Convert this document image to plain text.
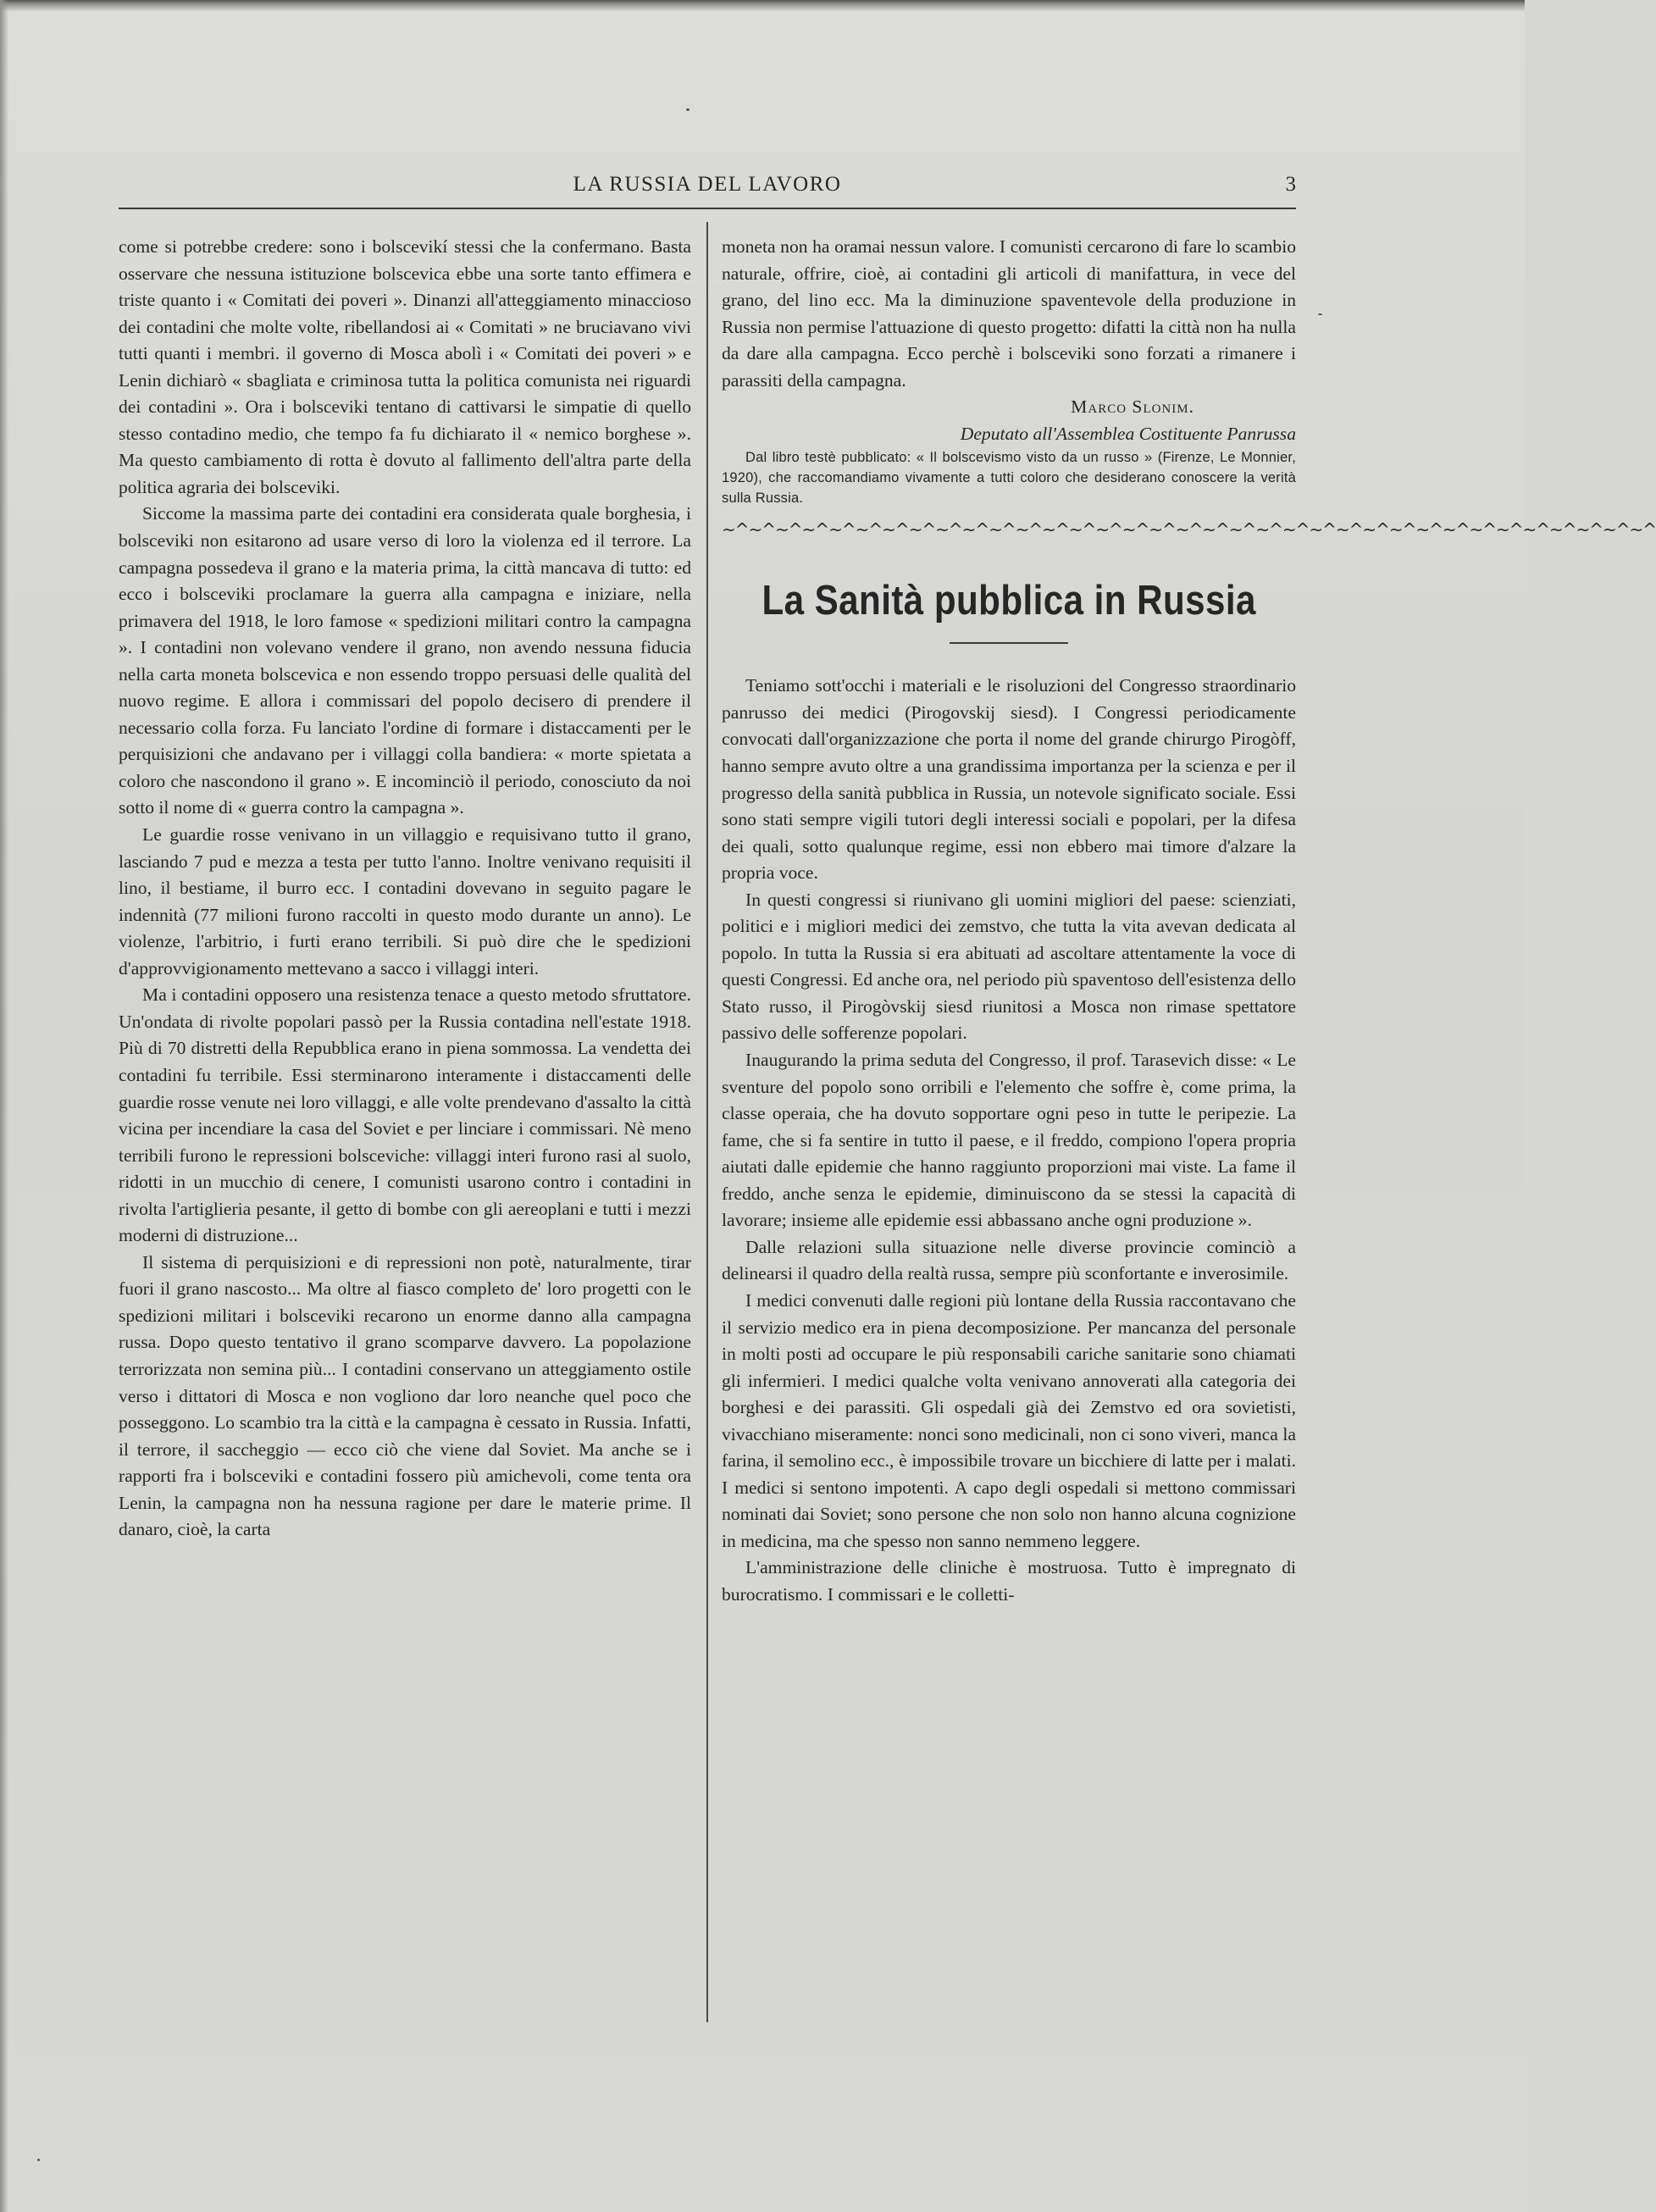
LA RUSSIA DEL LAVORO	3

come si potrebbe credere: sono i bolscevikí stessi che la confermano. Basta osservare che nessuna istituzione bolscevica ebbe una sorte tanto effimera e triste quanto i « Comitati dei poveri ». Dinanzi all'atteggiamento minaccioso dei contadini che molte volte, ribellandosi ai « Comitati » ne bruciavano vivi tutti quanti i membri. il governo di Mosca abolì i « Comitati dei poveri » e Lenin dichiarò « sbagliata e criminosa tutta la politica comunista nei riguardi dei contadini ». Ora i bolsceviki tentano di cattivarsi le simpatie di quello stesso contadino medio, che tempo fa fu dichiarato il « nemico borghese ». Ma questo cambiamento di rotta è dovuto al fallimento dell'altra parte della politica agraria dei bolsceviki.

Siccome la massima parte dei contadini era considerata quale borghesia, i bolsceviki non esitarono ad usare verso di loro la violenza ed il terrore. La campagna possedeva il grano e la materia prima, la città mancava di tutto: ed ecco i bolsceviki proclamare la guerra alla campagna e iniziare, nella primavera del 1918, le loro famose « spedizioni militari contro la campagna ». I contadini non volevano vendere il grano, non avendo nessuna fiducia nella carta moneta bolscevica e non essendo troppo persuasi delle qualità del nuovo regime. E allora i commissari del popolo decisero di prendere il necessario colla forza. Fu lanciato l'ordine di formare i distaccamenti per le perquisizioni che andavano per i villaggi colla bandiera: « morte spietata a coloro che nascondono il grano ». E incominciò il periodo, conosciuto da noi sotto il nome di « guerra contro la campagna ».

Le guardie rosse venivano in un villaggio e requisivano tutto il grano, lasciando 7 pud e mezza a testa per tutto l'anno. Inoltre venivano requisiti il lino, il bestiame, il burro ecc. I contadini dovevano in seguito pagare le indennità (77 milioni furono raccolti in questo modo durante un anno). Le violenze, l'arbitrio, i furti erano terribili. Si può dire che le spedizioni d'approvvigionamento mettevano a sacco i villaggi interi.

Ma i contadini opposero una resistenza tenace a questo metodo sfruttatore. Un'ondata di rivolte popolari passò per la Russia contadina nell'estate 1918. Più di 70 distretti della Repubblica erano in piena sommossa. La vendetta dei contadini fu terribile. Essi sterminarono interamente i distaccamenti delle guardie rosse venute nei loro villaggi, e alle volte prendevano d'assalto la città vicina per incendiare la casa del Soviet e per linciare i commissari. Nè meno terribili furono le repressioni bolsceviche: villaggi interi furono rasi al suolo, ridotti in un mucchio di cenere, I comunisti usarono contro i contadini in rivolta l'artiglieria pesante, il getto di bombe con gli aereoplani e tutti i mezzi moderni di distruzione...

Il sistema di perquisizioni e di repressioni non potè, naturalmente, tirar fuori il grano nascosto... Ma oltre al fiasco completo de' loro progetti con le spedizioni militari i bolsceviki recarono un enorme danno alla campagna russa. Dopo questo tentativo il grano scomparve davvero. La popolazione terrorizzata non semina più... I contadini conservano un atteggiamento ostile verso i dittatori di Mosca e non vogliono dar loro neanche quel poco che posseggono. Lo scambio tra la città e la campagna è cessato in Russia. Infatti, il terrore, il saccheggio — ecco ciò che viene dal Soviet. Ma anche se i rapporti fra i bolsceviki e contadini fossero più amichevoli, come tenta ora Lenin, la campagna non ha nessuna ragione per dare le materie prime. Il danaro, cioè, la carta

moneta non ha oramai nessun valore. I comunisti cercarono di fare lo scambio naturale, offrire, cioè, ai contadini gli articoli di manifattura, in vece del grano, del lino ecc. Ma la diminuzione spaventevole della produzione in Russia non permise l'attuazione di questo progetto: difatti la città non ha nulla da dare alla campagna. Ecco perchè i bolsceviki sono forzati a rimanere i parassiti della campagna.

Marco Slonim.

Deputato all'Assemblea Costituente Panrussa

Dal libro testè pubblicato: « Il bolscevismo visto da un russo » (Firenze, Le Monnier, 1920), che raccomandiamo vivamente a tutti coloro che desiderano conoscere la verità sulla Russia.

~^~^~^~^~^~^~^~^~^~^~^~^~^~^~^~^~^~^~^~^~^~^~^~^~^~^~^~^~^~^~^~^~^~^~^
La Sanità pubblica in Russia

Teniamo sott'occhi i materiali e le risoluzioni del Congresso straordinario panrusso dei medici (Pirogovskij siesd). I Congressi periodicamente convocati dall'organizzazione che porta il nome del grande chirurgo Pirogòff, hanno sempre avuto oltre a una grandissima importanza per la scienza e per il progresso della sanità pubblica in Russia, un notevole significato sociale. Essi sono stati sempre vigili tutori degli interessi sociali e popolari, per la difesa dei quali, sotto qualunque regime, essi non ebbero mai timore d'alzare la propria voce.

In questi congressi si riunivano gli uomini migliori del paese: scienziati, politici e i migliori medici dei zemstvo, che tutta la vita avevan dedicata al popolo. In tutta la Russia si era abituati ad ascoltare attentamente la voce di questi Congressi. Ed anche ora, nel periodo più spaventoso dell'esistenza dello Stato russo, il Pirogòvskij siesd riunitosi a Mosca non rimase spettatore passivo delle sofferenze popolari.

Inaugurando la prima seduta del Congresso, il prof. Tarasevich disse: « Le sventure del popolo sono orribili e l'elemento che soffre è, come prima, la classe operaia, che ha dovuto sopportare ogni peso in tutte le peripezie. La fame, che si fa sentire in tutto il paese, e il freddo, compiono l'opera propria aiutati dalle epidemie che hanno raggiunto proporzioni mai viste. La fame il freddo, anche senza le epidemie, diminuiscono da se stessi la capacità di lavorare; insieme alle epidemie essi abbassano anche ogni produzione ».

Dalle relazioni sulla situazione nelle diverse provincie cominciò a delinearsi il quadro della realtà russa, sempre più sconfortante e inverosimile.

I medici convenuti dalle regioni più lontane della Russia raccontavano che il servizio medico era in piena decomposizione. Per mancanza del personale in molti posti ad occupare le più responsabili cariche sanitarie sono chiamati gli infermieri. I medici qualche volta venivano annoverati alla categoria dei borghesi e dei parassiti. Gli ospedali già dei Zemstvo ed ora sovietisti, vivacchiano miseramente: nonci sono medicinali, non ci sono viveri, manca la farina, il semolino ecc., è impossibile trovare un bicchiere di latte per i malati. I medici si sentono impotenti. A capo degli ospedali si mettono commissari nominati dai Soviet; sono persone che non solo non hanno alcuna cognizione in medicina, ma che spesso non sanno nemmeno leggere.

L'amministrazione delle cliniche è mostruosa. Tutto è impregnato di burocratismo. I commissari e le colletti-
